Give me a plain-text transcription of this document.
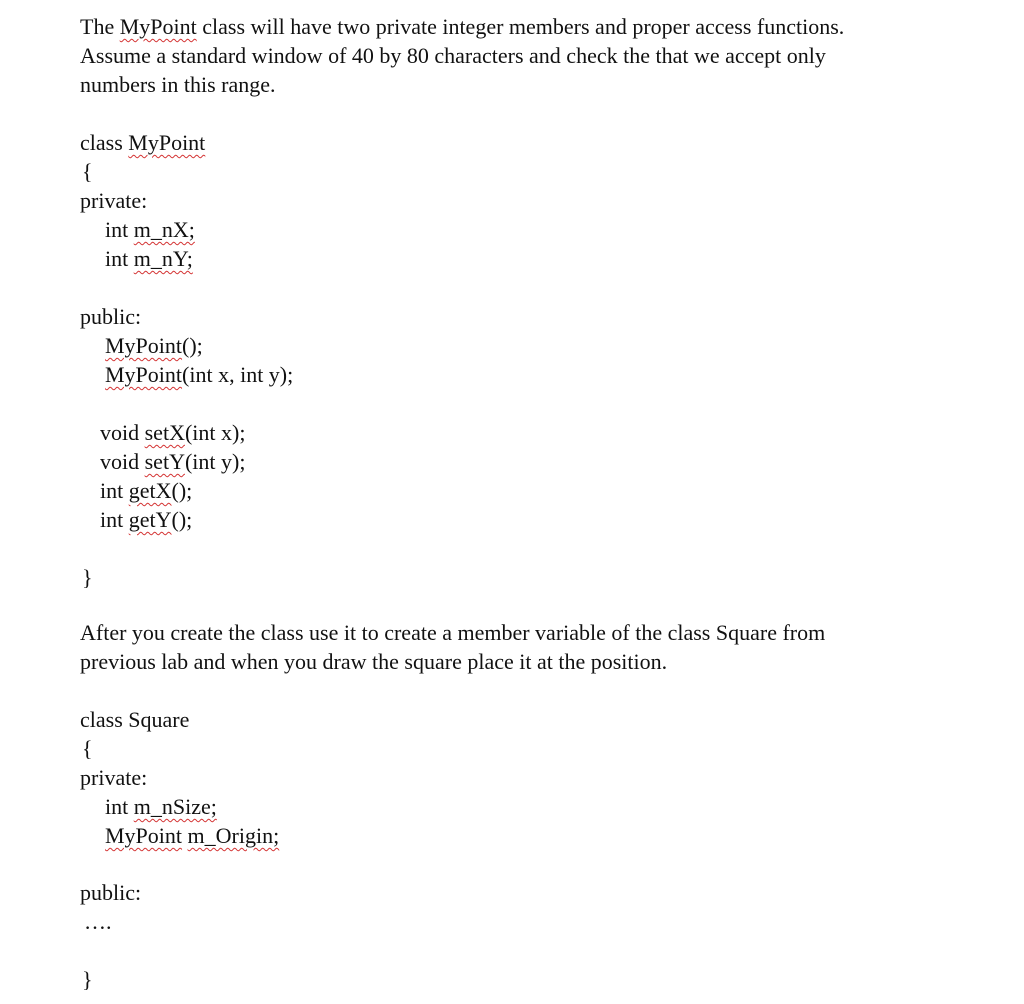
The MyPoint class will have two private integer members and proper access functions.
Assume a standard window of 40 by 80 characters and check the that we accept only
numbers in this range.
class MyPoint
{
private:
int m_nX;
int m_nY;
public:
MyPoint();
MyPoint(int x, int y);
void setX(int x);
void setY(int y);
int getX();
int getY();
}
After you create the class use it to create a member variable of the class Square from
previous lab and when you draw the square place it at the position.
class Square
{
private:
int m_nSize;
MyPoint m_Origin;
public:
….
}
